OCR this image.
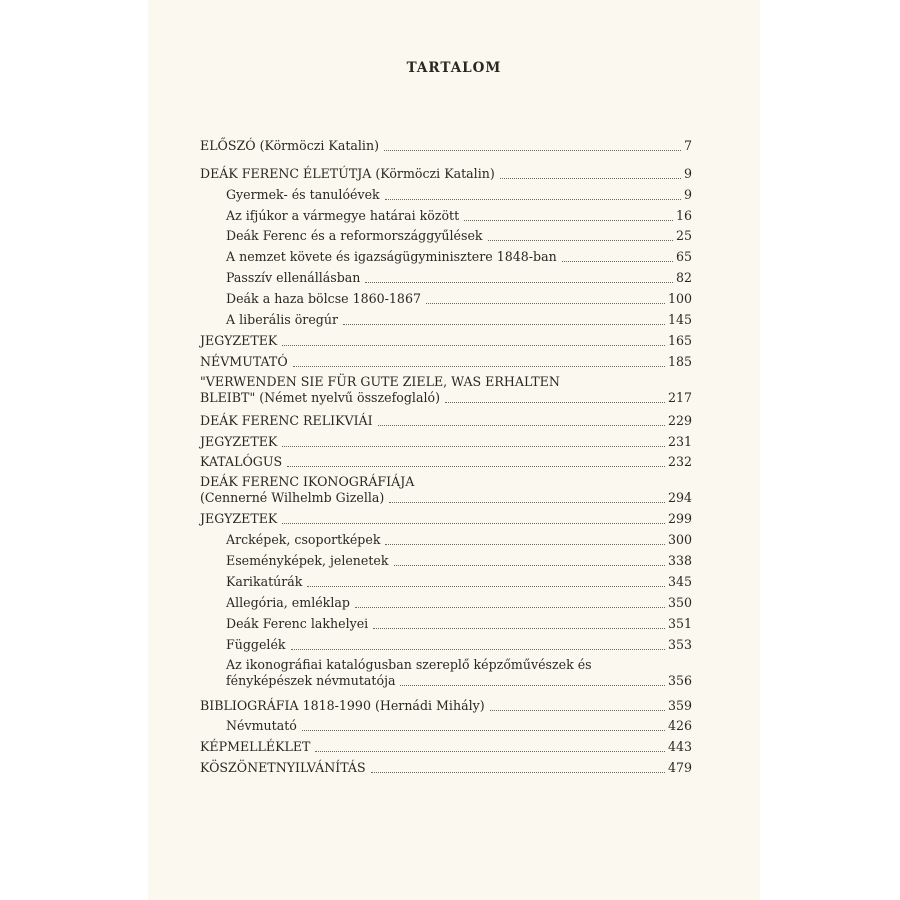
TARTALOM
ELŐSZÓ (Körmöczi Katalin)	7
DEÁK FERENC ÉLETÚTJA (Körmöczi Katalin)	9
Gyermek- és tanulóévek	9
Az ifjúkor a vármegye határai között	16
Deák Ferenc és a reformországgyűlések	25
A nemzet követe és igazságügyminisztere 1848-ban	65
Passzív ellenállásban	82
Deák a haza bölcse 1860-1867	100
A liberális öregúr	145
JEGYZETEK	165
NÉVMUTATÓ	185
"VERWENDEN SIE FÜR GUTE ZIELE, WAS ERHALTEN
BLEIBT" (Német nyelvű összefoglaló)	217
DEÁK FERENC RELIKVIÁI	229
JEGYZETEK	231
KATALÓGUS	232
DEÁK FERENC IKONOGRÁFIÁJA
(Cennerné Wilhelmb Gizella)	294
JEGYZETEK	299
Arcképek, csoportképek	300
Eseményképek, jelenetek	338
Karikatúrák	345
Allegória, emléklap	350
Deák Ferenc lakhelyei	351
Függelék	353
Az ikonográfiai katalógusban szereplő képzőművészek és
fényképészek névmutatója	356
BIBLIOGRÁFIA 1818-1990 (Hernádi Mihály)	359
Névmutató	426
KÉPMELLÉKLET	443
KÖSZÖNETNYILVÁNÍTÁS	479
